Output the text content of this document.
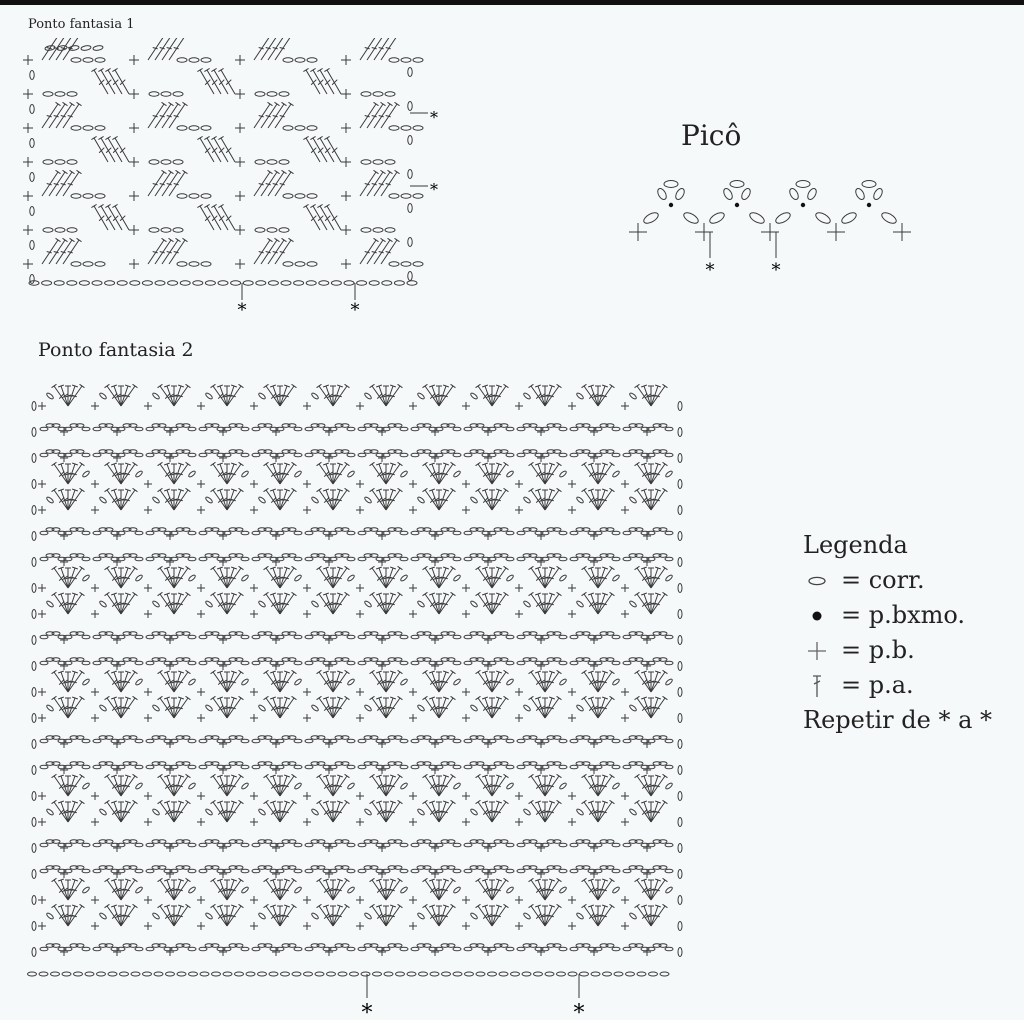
Ponto fantasia 1
*	*
*
*
Picô
*	*
Ponto fantasia 2
*	*
Legenda
= corr.
= p.bxmo.
= p.b.
= p.a.
Repetir de * a *
